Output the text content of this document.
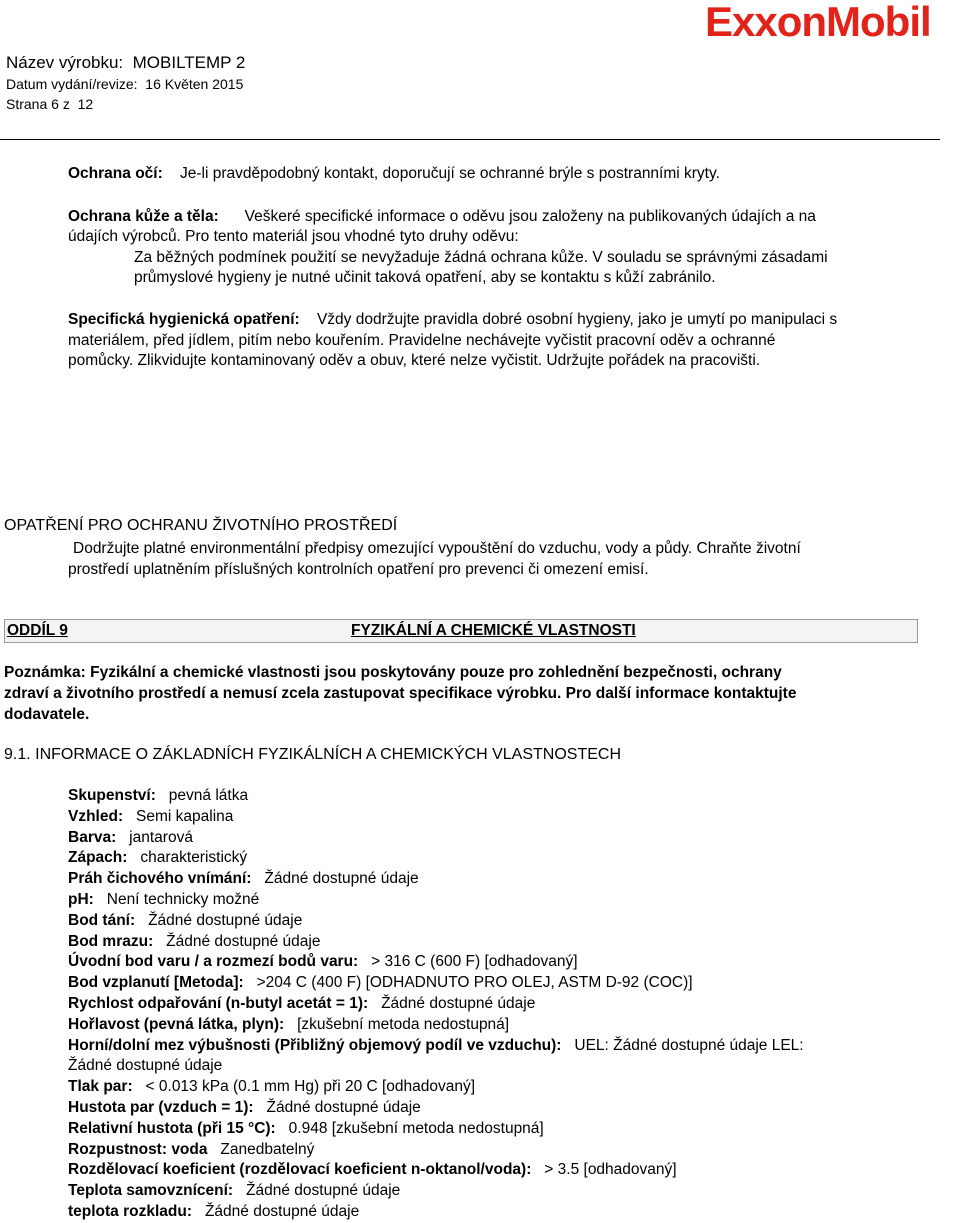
Název výrobku: MOBILTEMP 2
Datum vydání/revize: 16 Květen 2015
Strana 6 z 12
ExxonMobil
Ochrana očí: Je-li pravděpodobný kontakt, doporučují se ochranné brýle s postranními kryty.
Ochrana kůže a těla: Veškeré specifické informace o oděvu jsou založeny na publikovaných údajích a na
údajích výrobců. Pro tento materiál jsou vhodné tyto druhy oděvu:
Za běžných podmínek použití se nevyžaduje žádná ochrana kůže. V souladu se správnými zásadami
průmyslové hygieny je nutné učinit taková opatření, aby se kontaktu s kůží zabránilo.
Specifická hygienická opatření: Vždy dodržujte pravidla dobré osobní hygieny, jako je umytí po manipulaci s
materiálem, před jídlem, pitím nebo kouřením. Pravidelne nechávejte vyčistit pracovní oděv a ochranné
pomůcky. Zlikvidujte kontaminovaný oděv a obuv, které nelze vyčistit. Udržujte pořádek na pracovišti.
OPATŘENÍ PRO OCHRANU ŽIVOTNÍHO PROSTŘEDÍ
Dodržujte platné environmentální předpisy omezující vypouštění do vzduchu, vody a půdy. Chraňte životní
prostředí uplatněním příslušných kontrolních opatření pro prevenci či omezení emisí.
ODDÍL 9	FYZIKÁLNÍ A CHEMICKÉ VLASTNOSTI
Poznámka: Fyzikální a chemické vlastnosti jsou poskytovány pouze pro zohlednění bezpečnosti, ochrany
zdraví a životního prostředí a nemusí zcela zastupovat specifikace výrobku. Pro další informace kontaktujte
dodavatele.
9.1. INFORMACE O ZÁKLADNÍCH FYZIKÁLNÍCH A CHEMICKÝCH VLASTNOSTECH
Skupenství: pevná látka
Vzhled: Semi kapalina
Barva: jantarová
Zápach: charakteristický
Práh čichového vnímání: Žádné dostupné údaje
pH: Není technicky možné
Bod tání: Žádné dostupné údaje
Bod mrazu: Žádné dostupné údaje
Úvodní bod varu / a rozmezí bodů varu: > 316 C (600 F) [odhadovaný]
Bod vzplanutí [Metoda]: >204 C (400 F) [ODHADNUTO PRO OLEJ, ASTM D-92 (COC)]
Rychlost odpařování (n-butyl acetát = 1): Žádné dostupné údaje
Hořlavost (pevná látka, plyn): [zkušební metoda nedostupná]
Horní/dolní mez výbušnosti (Přibližný objemový podíl ve vzduchu): UEL: Žádné dostupné údaje LEL:
Žádné dostupné údaje
Tlak par: < 0.013 kPa (0.1 mm Hg) při 20 C [odhadovaný]
Hustota par (vzduch = 1): Žádné dostupné údaje
Relativní hustota (při 15 °C): 0.948 [zkušební metoda nedostupná]
Rozpustnost: voda Zanedbatelný
Rozdělovací koeficient (rozdělovací koeficient n-oktanol/voda): > 3.5 [odhadovaný]
Teplota samovznícení: Žádné dostupné údaje
teplota rozkladu: Žádné dostupné údaje
